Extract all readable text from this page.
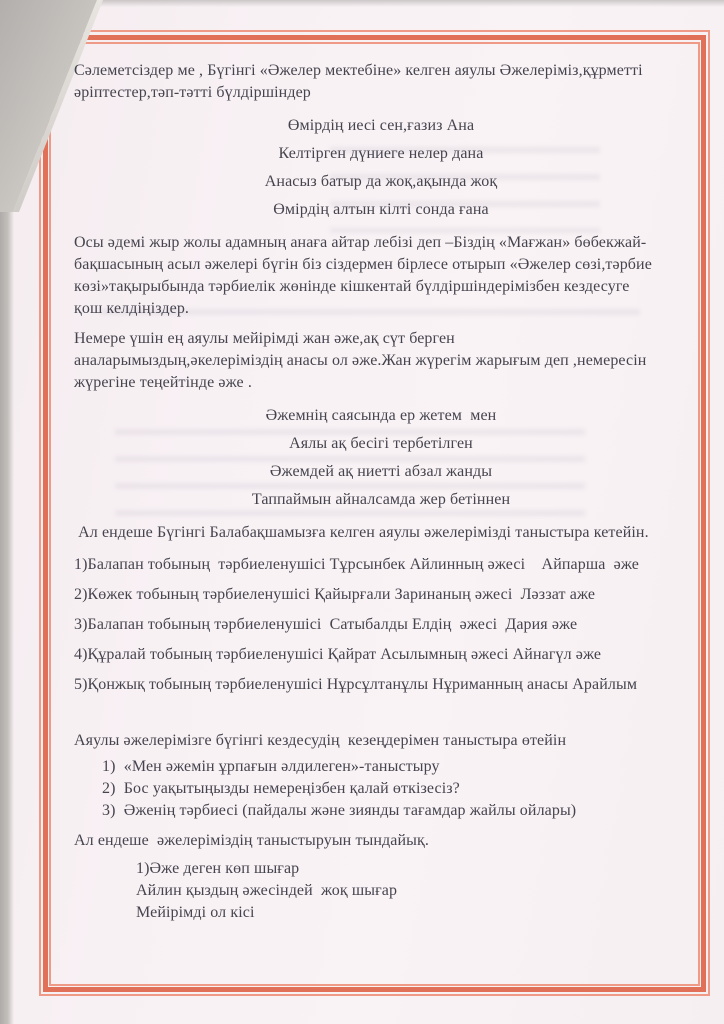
Сәлеметсіздер ме , Бүгінгі «Әжелер мектебіне» келген аяулы Әжелеріміз,құрметті
әріптестер,тәп-тәтті бүлдіршіндер
Өмірдің иесі сен,ғазиз Ана
Келтірген дүниеге нелер дана
Анасыз батыр да жоқ,ақында жоқ
Өмірдің алтын кілті сонда ғана
Осы әдемі жыр жолы адамның анаға айтар лебізі деп –Біздің «Мағжан» бөбекжай-
бақшасының асыл әжелері бүгін біз сіздермен бірлесе отырып «Әжелер сөзі,тәрбие
көзі»тақырыбында тәрбиелік жөнінде кішкентай бүлдіршіндерімізбен кездесуге
қош келдіңіздер.
Немере үшін ең аяулы мейірімді жан әже,ақ сүт берген
аналарымыздың,әкелеріміздің анасы ол әже.Жан жүрегім жарығым деп ,немересін
жүрегіне теңейтінде әже .
Әжемнің саясында ер жетем  мен
Аялы ақ бесігі тербетілген
Әжемдей ақ ниетті абзал жанды
Таппаймын айналсамда жер бетіннен
Ал ендеше Бүгінгі Балабақшамызға келген аяулы әжелерімізді таныстыра кетейін.
1)Балапан тобының  тәрбиеленушісі Тұрсынбек Айлинның әжесі    Айпарша  әже
2)Көжек тобының тәрбиеленушісі Қайырғали Заринаның әжесі  Ләззат аже
3)Балапан тобының тәрбиеленушісі  Сатыбалды Елдің  әжесі  Дария әже
4)Құралай тобының тәрбиеленушісі Қайрат Асылымның әжесі Айнагүл әже
5)Қонжық тобының тәрбиеленушісі Нұрсұлтанұлы Нұриманның анасы Арайлым
Аяулы әжелерімізге бүгінгі кездесудің  кезеңдерімен таныстыра өтейін
1)  «Мен әжемін ұрпағын әлдилеген»-таныстыру
2)  Бос уақытыңызды немереңізбен қалай өткізесіз?
3)  Әженің тәрбиесі (пайдалы және зиянды тағамдар жайлы ойлары)
Ал ендеше  әжелеріміздің таныстыруын тындайық.
1)Әже деген көп шығар
Айлин қыздың әжесіндей  жоқ шығар
Мейірімді ол кісі
